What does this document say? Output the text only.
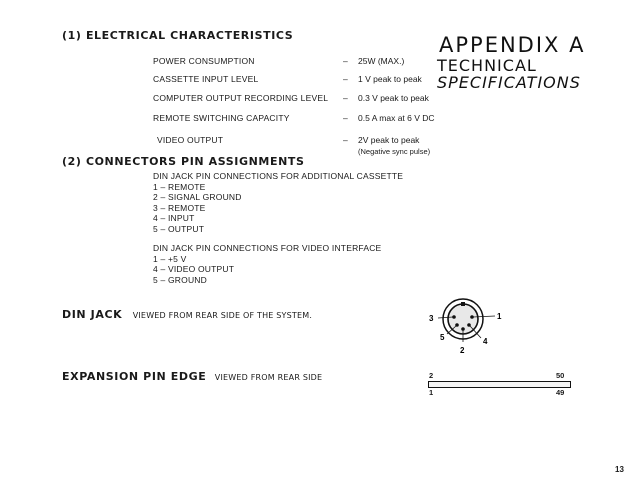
(1) ELECTRICAL CHARACTERISTICS	APPENDIX A
TECHNICAL
SPECIFICATIONS
POWER CONSUMPTION	– 25W (MAX.)
CASSETTE INPUT LEVEL	– 1 V peak to peak
COMPUTER OUTPUT RECORDING LEVEL – 0.3 V peak to peak
REMOTE SWITCHING CAPACITY	– 0.5 A max at 6 V DC
VIDEO OUTPUT	– 2V peak to peak
(Negative sync pulse)
(2) CONNECTORS PIN ASSIGNMENTS
DIN JACK PIN CONNECTIONS FOR ADDITIONAL CASSETTE
1 – REMOTE
2 – SIGNAL GROUND
3 – REMOTE
4 – INPUT
5 – OUTPUT
DIN JACK PIN CONNECTIONS FOR VIDEO INTERFACE
1 – +5 V
4 – VIDEO OUTPUT
5 – GROUND
DIN JACK VIEWED FROM REAR SIDE OF THE SYSTEM.	3	1
5	4
2
EXPANSION PIN EDGE VIEWED FROM REAR SIDE	2	50
1	49
13
